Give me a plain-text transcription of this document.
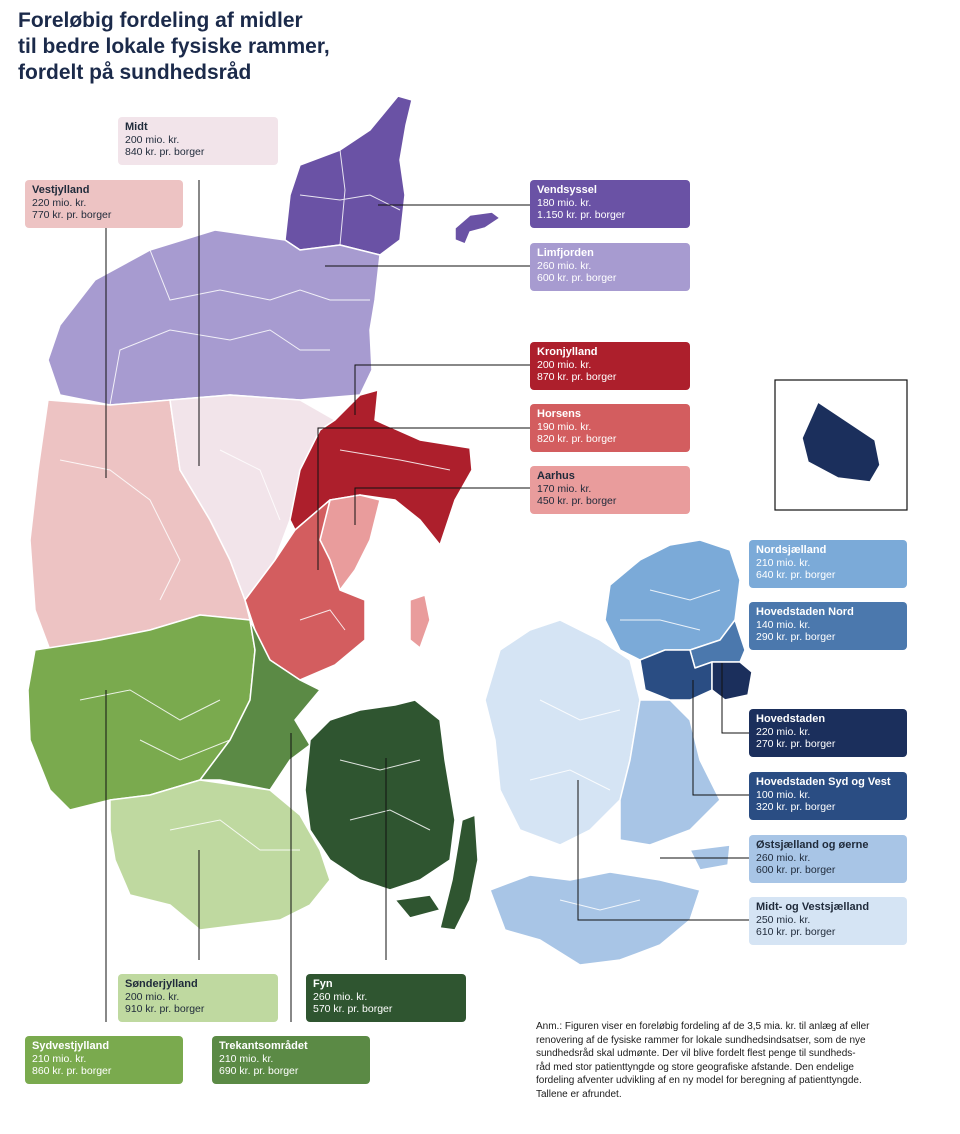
Foreløbig fordeling af midler
til bedre lokale fysiske rammer,
fordelt på sundhedsråd
Midt
200 mio. kr.
840 kr. pr. borger
Vestjylland
220 mio. kr.
770 kr. pr. borger
Vendsyssel
180 mio. kr.
1.150 kr. pr. borger
Limfjorden
260 mio. kr.
600 kr. pr. borger
Kronjylland
200 mio. kr.
870 kr. pr. borger
Horsens
190 mio. kr.
820 kr. pr. borger
Aarhus
170 mio. kr.
450 kr. pr. borger
Nordsjælland
210 mio. kr.
640 kr. pr. borger
Hovedstaden Nord
140 mio. kr.
290 kr. pr. borger
Hovedstaden
220 mio. kr.
270 kr. pr. borger
Hovedstaden Syd og Vest
100 mio. kr.
320 kr. pr. borger
Østsjælland og øerne
260 mio. kr.
600 kr. pr. borger
Midt- og Vestsjælland
250 mio. kr.
610 kr. pr. borger
Sønderjylland
200 mio. kr.
910 kr. pr. borger
Fyn
260 mio. kr.
570 kr. pr. borger
Sydvestjylland
210 mio. kr.
860 kr. pr. borger
Trekantsområdet
210 mio. kr.
690 kr. pr. borger
Anm.: Figuren viser en foreløbig fordeling af de 3,5 mia. kr. til anlæg af eller
renovering af de fysiske rammer for lokale sundhedsindsatser, som de nye
sundhedsråd skal udmønte. Der vil blive fordelt flest penge til sundheds-
råd med stor patienttyngde og store geografiske afstande. Den endelige
fordeling afventer udvikling af en ny model for beregning af patienttyngde.
Tallene er afrundet.
